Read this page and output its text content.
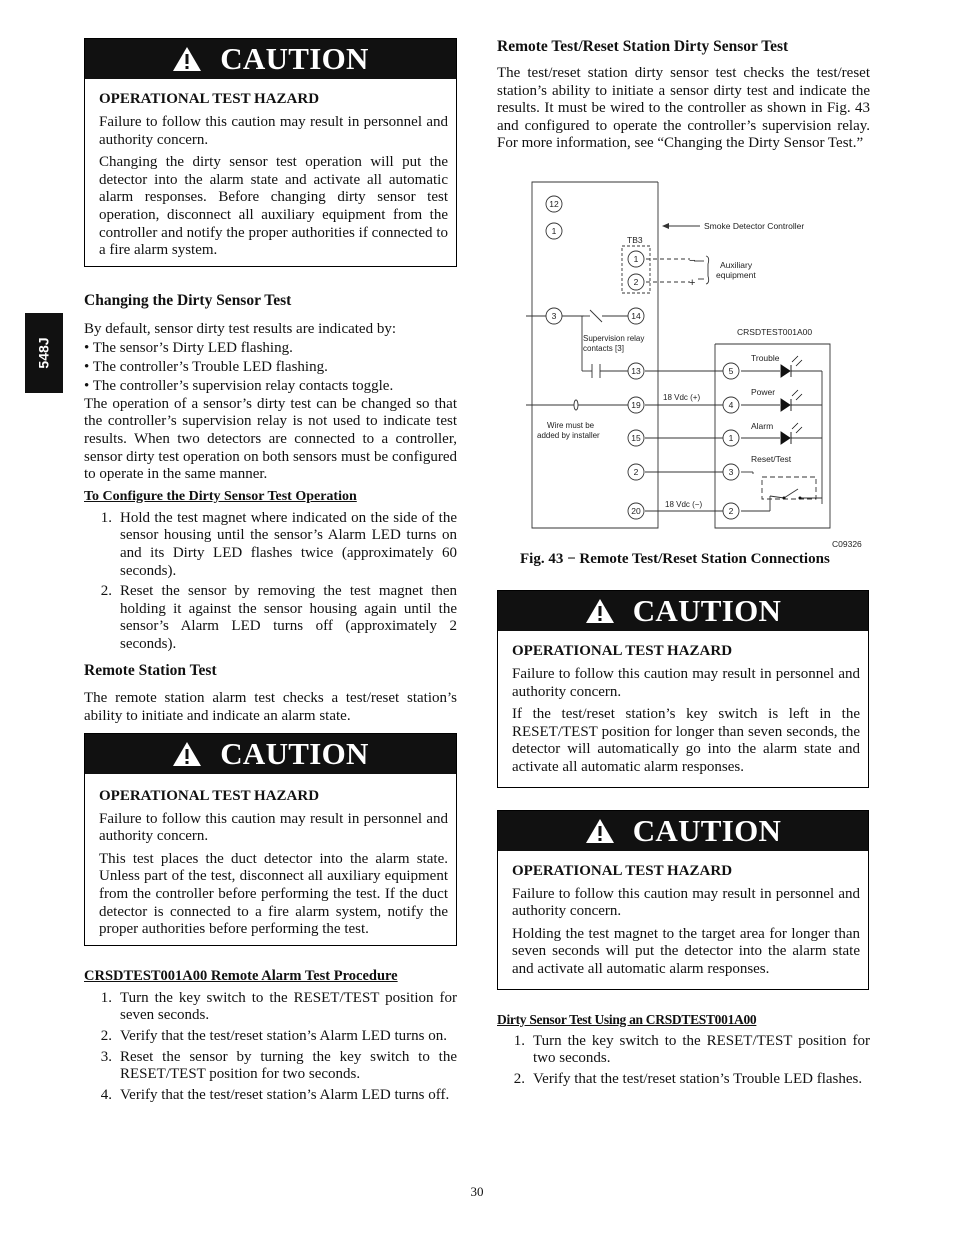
548J
CAUTION
OPERATIONAL TEST HAZARD

Failure to follow this caution may result in personnel and authority concern.

Changing the dirty sensor test operation will put the detector into the alarm state and activate all automatic alarm responses. Before changing dirty sensor test operation, disconnect all auxiliary equipment from the controller and notify the proper authorities if connected to a fire alarm system.

Changing the Dirty Sensor Test

By default, sensor dirty test results are indicated by:

• The sensor’s Dirty LED flashing.

• The controller’s Trouble LED flashing.

• The controller’s supervision relay contacts toggle.

The operation of a sensor’s dirty test can be changed so that the controller’s supervision relay is not used to indicate test results. When two detectors are connected to a controller, sensor dirty test operation on both sensors must be configured to operate in the same manner.

To Configure the Dirty Sensor Test Operation
1. Hold the test magnet where indicated on the side of the sensor housing until the sensor’s Alarm LED turns on and its Dirty LED flashes twice (approximately 60 seconds).
2. Reset the sensor by removing the test magnet then holding it against the sensor housing again until the sensor’s Alarm LED turns off (approximately 2 seconds).
Remote Station Test

The remote station alarm test checks a test/reset station’s ability to initiate and indicate an alarm state.

CAUTION
OPERATIONAL TEST HAZARD

Failure to follow this caution may result in personnel and authority concern.

This test places the duct detector into the alarm state. Unless part of the test, disconnect all auxiliary equipment from the controller before performing the test. If the duct detector is connected to a fire alarm system, notify the proper authorities before performing the test.

CRSDTEST001A00 Remote Alarm Test Procedure
1. Turn the key switch to the RESET/TEST position for seven seconds.
2. Verify that the test/reset station’s Alarm LED turns on.
3. Reset the sensor by turning the key switch to the RESET/TEST position for two seconds.
4. Verify that the test/reset station’s Alarm LED turns off.
Remote Test/Reset Station Dirty Sensor Test

The test/reset station dirty sensor test checks the test/reset station’s ability to initiate a sensor dirty test and indicate the results. It must be wired to the controller as shown in Fig. 43 and configured to operate the controller’s supervision relay. For more information, see “Changing the Dirty Sensor Test.”

12
1
1
2
3	14
13
19
15
2
20
5
4
1
3
2
TB3
Smoke Detector Controller
Auxiliary
equipment
−
+
CRSDTEST001A00
Supervision relay
contacts [3]
Wire must be
added by installer
18 Vdc (+)
18 Vdc (−)
Trouble
Power
Alarm
Reset/Test
C09326
Fig. 43 − Remote Test/Reset Station Connections
CAUTION
OPERATIONAL TEST HAZARD

Failure to follow this caution may result in personnel and authority concern.

If the test/reset station’s key switch is left in the RESET/TEST position for longer than seven seconds, the detector will automatically go into the alarm state and activate all automatic alarm responses.

CAUTION
OPERATIONAL TEST HAZARD

Failure to follow this caution may result in personnel and authority concern.

Holding the test magnet to the target area for longer than seven seconds will put the detector into the alarm state and activate all automatic alarm responses.

Dirty Sensor Test Using an CRSDTEST001A00
1. Turn the key switch to the RESET/TEST position for two seconds.
2. Verify that the test/reset station’s Trouble LED flashes.
30
